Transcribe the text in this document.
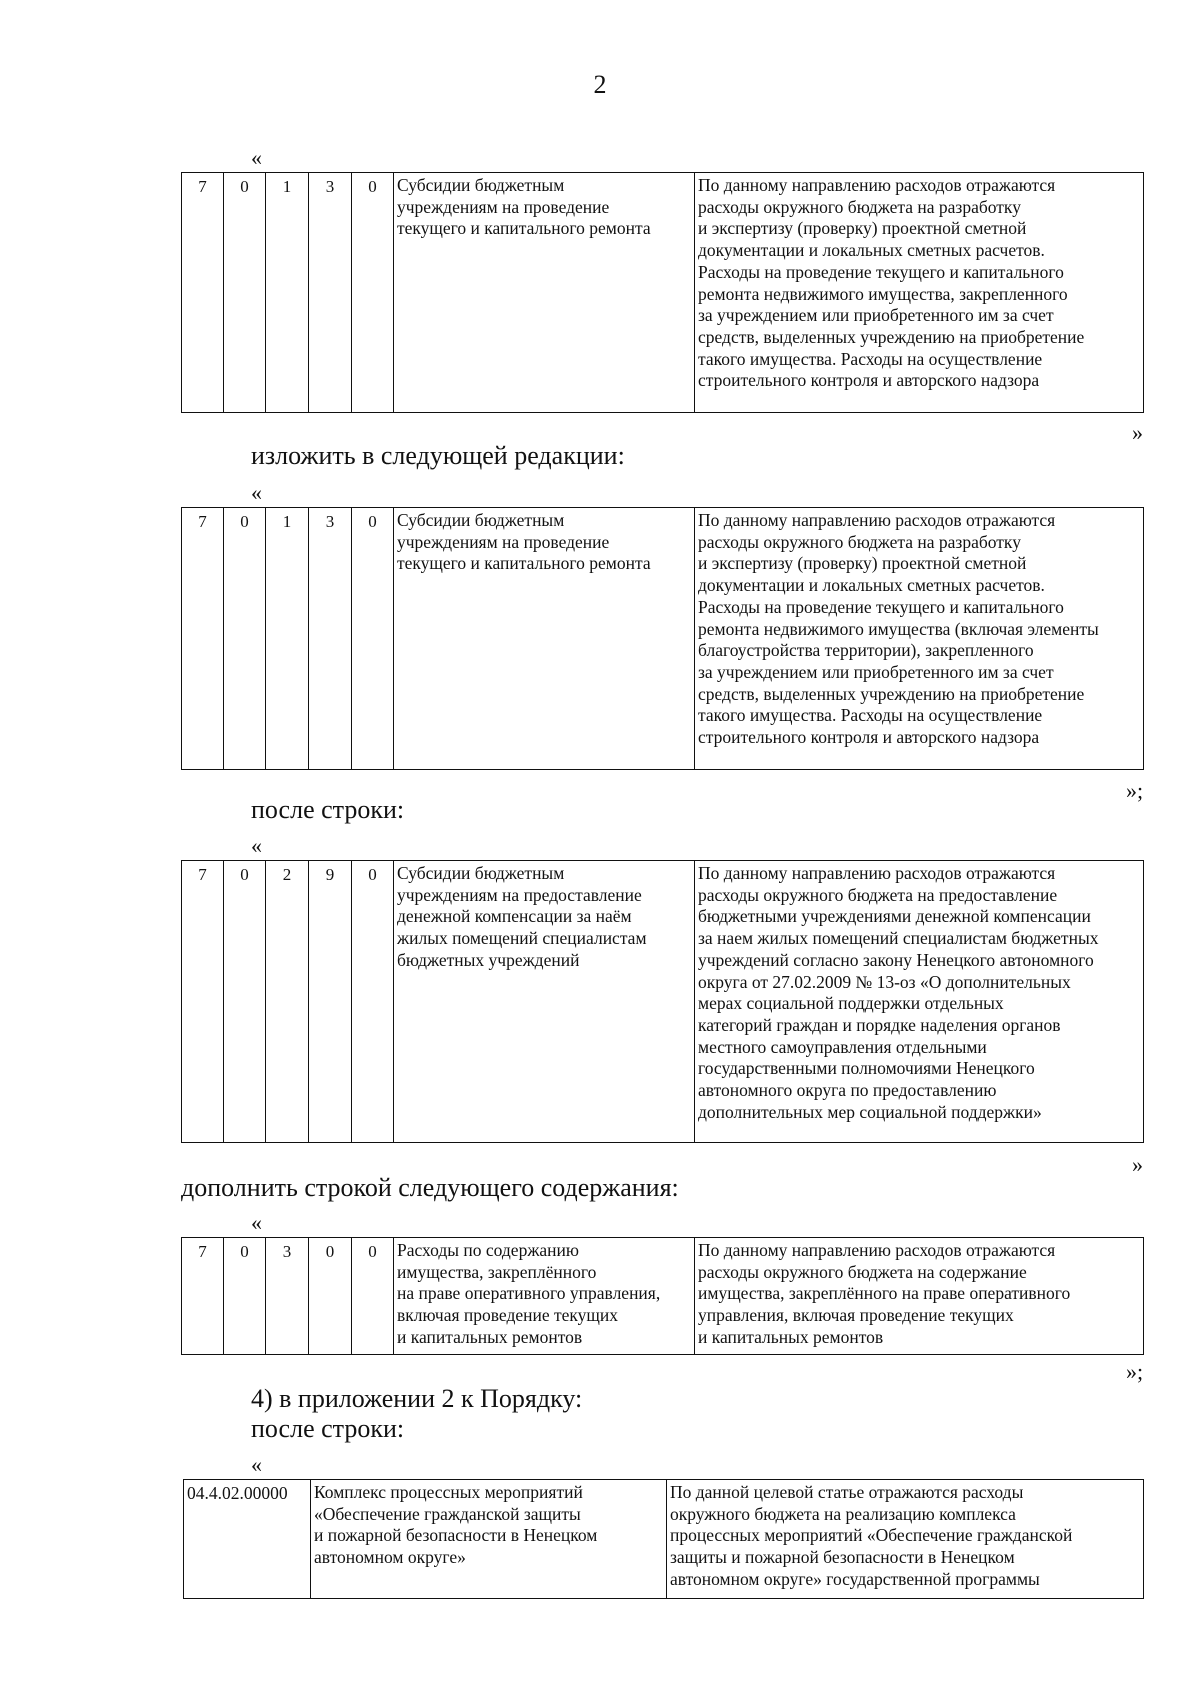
2
«
7	0	1	3	0	Субсидии бюджетным
учреждениям на проведение
текущего и капитального ремонта

По данному направлению расходов отражаются
расходы окружного бюджета на разработку
и экспертизу (проверку) проектной сметной
документации и локальных сметных расчетов.
Расходы на проведение текущего и капитального
ремонта недвижимого имущества, закрепленного
за учреждением или приобретенного им за счет
средств, выделенных учреждению на приобретение
такого имущества. Расходы на осуществление
строительного контроля и авторского надзора
»
изложить в следующей редакции:
«
7	0	1	3	0	Субсидии бюджетным
учреждениям на проведение
текущего и капитального ремонта

По данному направлению расходов отражаются
расходы окружного бюджета на разработку
и экспертизу (проверку) проектной сметной
документации и локальных сметных расчетов.
Расходы на проведение текущего и капитального
ремонта недвижимого имущества (включая элементы
благоустройства территории), закрепленного
за учреждением или приобретенного им за счет
средств, выделенных учреждению на приобретение
такого имущества. Расходы на осуществление
строительного контроля и авторского надзора
»;
после строки:
«
7	0	2	9	0	Субсидии бюджетным
учреждениям на предоставление
денежной компенсации за наём
жилых помещений специалистам
бюджетных учреждений

По данному направлению расходов отражаются
расходы окружного бюджета на предоставление
бюджетными учреждениями денежной компенсации
за наем жилых помещений специалистам бюджетных
учреждений согласно закону Ненецкого автономного
округа от 27.02.2009 № 13-оз «О дополнительных
мерах социальной поддержки отдельных
категорий граждан и порядке наделения органов
местного самоуправления отдельными
государственными полномочиями Ненецкого
автономного округа по предоставлению
дополнительных мер социальной поддержки»
»
дополнить строкой следующего содержания:
«
7	0	3	0	0	Расходы по содержанию
имущества, закреплённого
на праве оперативного управления,
включая проведение текущих
и капитальных ремонтов

По данному направлению расходов отражаются
расходы окружного бюджета на содержание
имущества, закреплённого на праве оперативного
управления, включая проведение текущих
и капитальных ремонтов
»;
4) в приложении 2 к Порядку:
после строки:
«
04.4.02.00000	Комплекс процессных мероприятий
«Обеспечение гражданской защиты
и пожарной безопасности в Ненецком
автономном округе»

По данной целевой статье отражаются расходы
окружного бюджета на реализацию комплекса
процессных мероприятий «Обеспечение гражданской
защиты и пожарной безопасности в Ненецком
автономном округе» государственной программы
